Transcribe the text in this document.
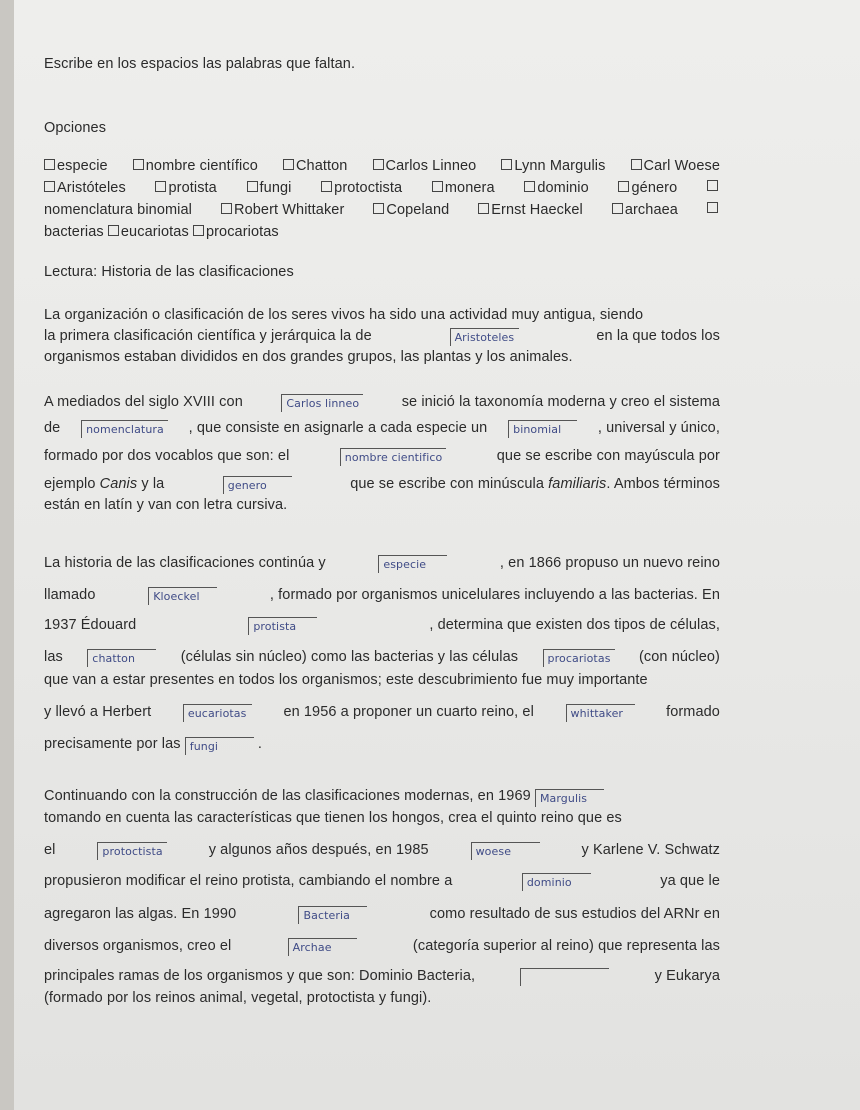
Escribe en los espacios las palabras que faltan.
Opciones
especie	nombre científico	Chatton	Carlos Linneo	Lynn Margulis	Carl Woese
Aristóteles	protista	fungi	protoctista	monera	dominio	género
nomenclatura binomial	Robert Whittaker	Copeland	Ernst Haeckel	archaea
bacterias eucariotas procariotas
Lectura: Historia de las clasificaciones
La organización o clasificación de los seres vivos ha sido una actividad muy antigua, siendo
la primera clasificación científica y jerárquica la de	Aristoteles	en la que todos los
organismos estaban divididos en dos grandes grupos, las plantas y los animales.
A mediados del siglo XVIII con	Carlos linneo	se inició la taxonomía moderna y creo el sistema
de	nomenclatura , que consiste en asignarle a cada especie un	binomial	, universal y único,
formado por dos vocablos que son: el	nombre cientifico	que se escribe con mayúscula por
ejemplo Canis y la	genero	que se escribe con minúscula familiaris. Ambos términos
están en latín y van con letra cursiva.
La historia de las clasificaciones continúa y	especie	, en 1866 propuso un nuevo reino
llamado	Kloeckel	, formado por organismos unicelulares incluyendo a las bacterias. En
1937 Édouard	protista	, determina que existen dos tipos de células,
las	chatton	(células sin núcleo) como las bacterias y las células	procariotas (con núcleo)
que van a estar presentes en todos los organismos; este descubrimiento fue muy importante
y llevó a Herbert	eucariotas	en 1956 a proponer un cuarto reino, el	whittaker	formado
precisamente por las fungi	.
Continuando con la construcción de las clasificaciones modernas, en 1969 Margulis
tomando en cuenta las características que tienen los hongos, crea el quinto reino que es
el	protoctista	y algunos años después, en 1985	woese	y Karlene V. Schwatz
propusieron modificar el reino protista, cambiando el nombre a	dominio	ya que le
agregaron las algas. En 1990	Bacteria	como resultado de sus estudios del ARNr en
diversos organismos, creo el	Archae	(categoría superior al reino) que representa las
principales ramas de los organismos y que son: Dominio Bacteria,	y Eukarya
(formado por los reinos animal, vegetal, protoctista y fungi).
